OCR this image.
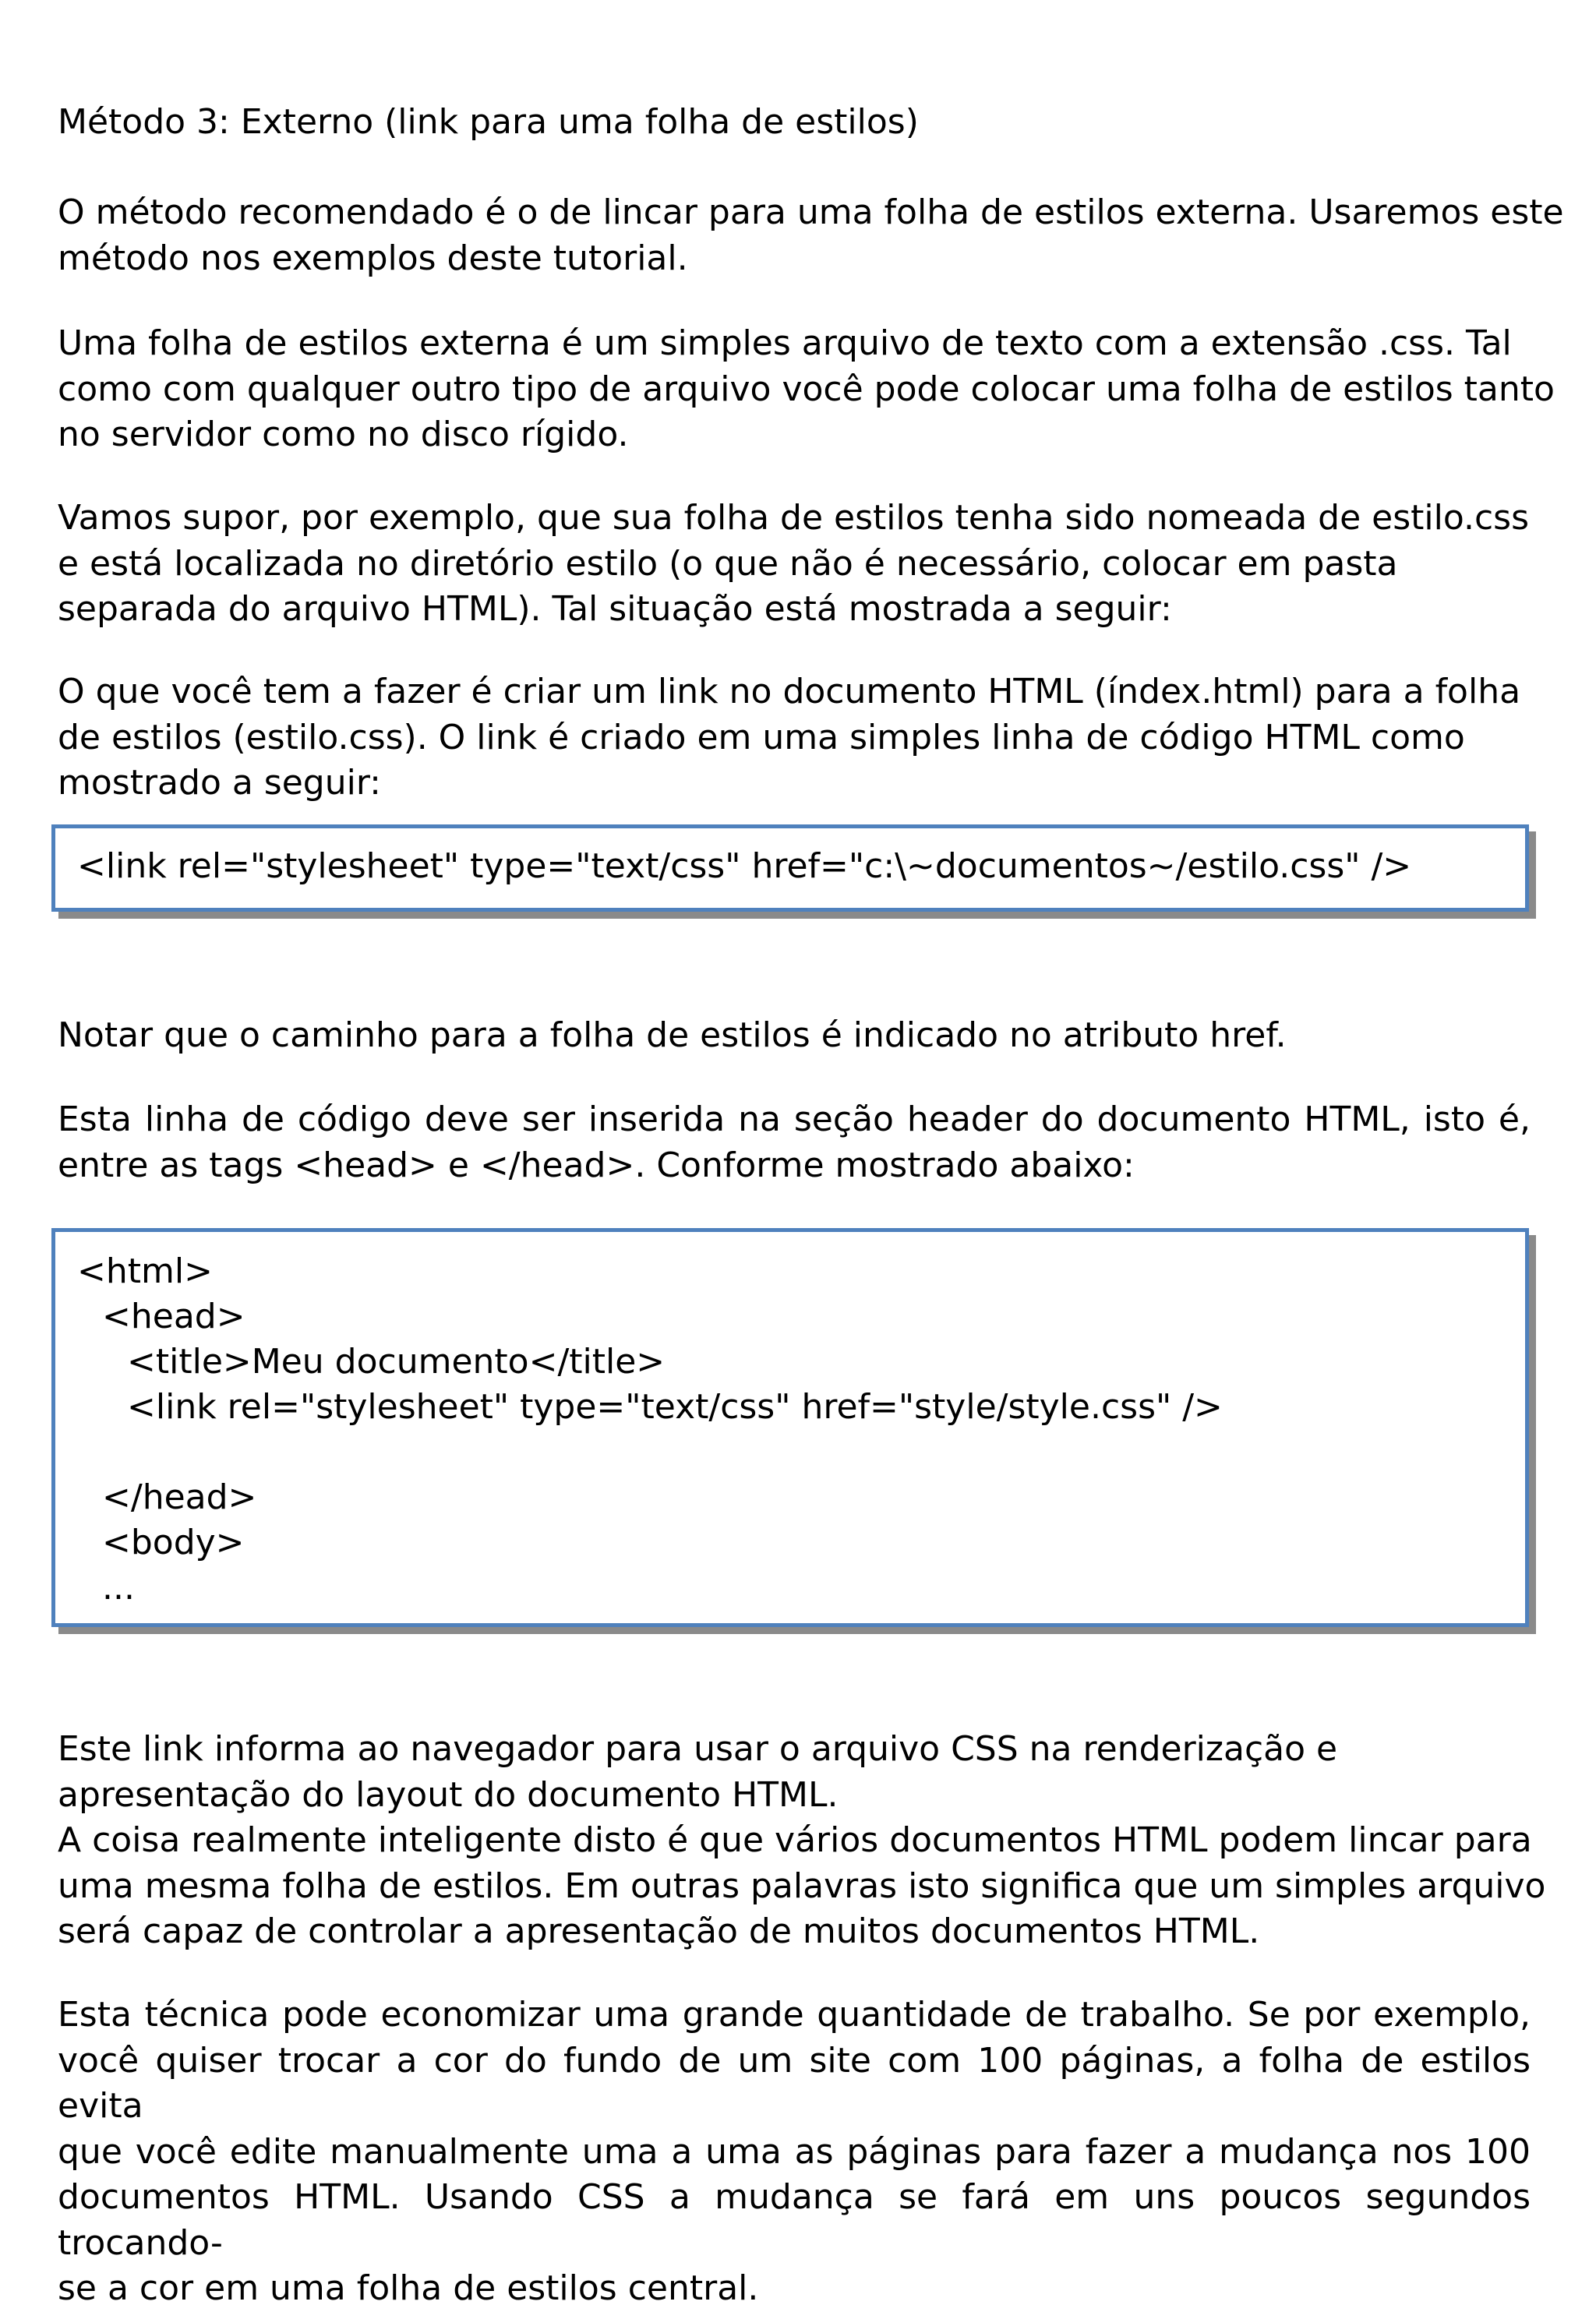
Método 3: Externo (link para uma folha de estilos)
O método recomendado é o de lincar para uma folha de estilos externa. Usaremos este
método nos exemplos deste tutorial.
Uma folha de estilos externa é um simples arquivo de texto com a extensão .css. Tal
como com qualquer outro tipo de arquivo você pode colocar uma folha de estilos tanto
no servidor como no disco rígido.
Vamos supor, por exemplo, que sua folha de estilos tenha sido nomeada de estilo.css
e está localizada no diretório estilo (o que não é necessário, colocar em pasta
separada do arquivo HTML). Tal situação está mostrada a seguir:
O que você tem a fazer é criar um link no documento HTML (índex.html) para a folha
de estilos (estilo.css). O link é criado em uma simples linha de código HTML como
mostrado a seguir:
<link rel="stylesheet" type="text/css" href="c:\~documentos~/estilo.css" />
Notar que o caminho para a folha de estilos é indicado no atributo href.
Esta linha de código deve ser inserida na seção header do documento HTML, isto é,
entre as tags <head> e </head>. Conforme mostrado abaixo:
<html>
<head>
<title>Meu documento</title>
<link rel="stylesheet" type="text/css" href="style/style.css" />
</head>
<body>
...
Este link informa ao navegador para usar o arquivo CSS na renderização e
apresentação do layout do documento HTML.
A coisa realmente inteligente disto é que vários documentos HTML podem lincar para
uma mesma folha de estilos. Em outras palavras isto significa que um simples arquivo
será capaz de controlar a apresentação de muitos documentos HTML.
Esta técnica pode economizar uma grande quantidade de trabalho. Se por exemplo,
você quiser trocar a cor do fundo de um site com 100 páginas, a folha de estilos evita
que você edite manualmente uma a uma as páginas para fazer a mudança nos 100
documentos HTML. Usando CSS a mudança se fará em uns poucos segundos trocando-
se a cor em uma folha de estilos central.
